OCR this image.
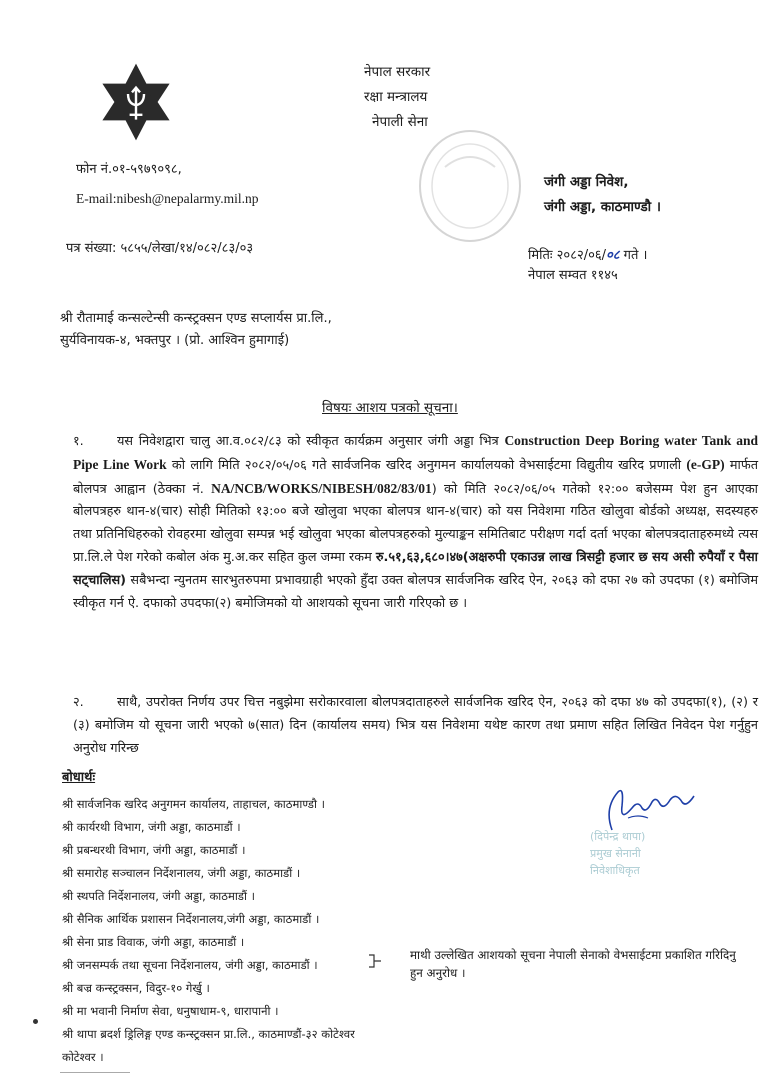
नेपाल सरकार
रक्षा मन्त्रालय
नेपाली सेना
फोन नं.०१-५९७९०९८,
E-mail:nibesh@nepalarmy.mil.np
जंगी अड्डा निवेश,
जंगी अड्डा, काठमाण्डौ ।
पत्र संख्या: ५८५५/लेखा/१४/०८२/८३/०३	मितिः २०८२/०६/०८ गते ।
नेपाल सम्वत ११४५
श्री रौतामाई कन्सल्टेन्सी कन्स्ट्रक्सन एण्ड सप्लार्यस प्रा.लि.,
सुर्यविनायक-४, भक्तपुर । (प्रो. आश्विन हुमागाई)
विषयः आशय पत्रको सूचना।
१.	यस निवेशद्वारा चालु आ.व.०८२/८३ को स्वीकृत कार्यक्रम अनुसार जंगी अड्डा भित्र Construction Deep Boring water Tank and Pipe Line Work को लागि मिति २०८२/०५/०६ गते सार्वजनिक खरिद अनुगमन कार्यालयको वेभसाईटमा विद्युतीय खरिद प्रणाली (e-GP) मार्फत बोलपत्र आह्वान (ठेक्का नं. NA/NCB/WORKS/NIBESH/082/83/01) को मिति २०८२/०६/०५ गतेको १२:०० बजेसम्म पेश हुन आएका बोलपत्रहरु थान-४(चार) सोही मितिको १३:०० बजे खोलुवा भएका बोलपत्र थान-४(चार) को यस निवेशमा गठित खोलुवा बोर्डको अध्यक्ष, सदस्यहरु तथा प्रतिनिधिहरुको रोवहरमा खोलुवा सम्पन्न भई खोलुवा भएका बोलपत्रहरुको मुल्याङ्कन समितिबाट परीक्षण गर्दा दर्ता भएका बोलपत्रदाताहरुमध्ये त्यस प्रा.लि.ले पेश गरेको कबोल अंक मु.अ.कर सहित कुल जम्मा रकम रु.५१,६३,६८०।४७(अक्षरुपी एकाउन्न लाख त्रिसट्टी हजार छ सय असी रुपैयाँ र पैसा सट्चालिस) सबैभन्दा न्युनतम सारभुतरुपमा प्रभावग्राही भएको हुँदा उक्त बोलपत्र सार्वजनिक खरिद ऐन, २०६३ को दफा २७ को उपदफा (१) बमोजिम स्वीकृत गर्न ऐ. दफाको उपदफा(२) बमोजिमको यो आशयको सूचना जारी गरिएको छ ।
२.	साथै, उपरोक्त निर्णय उपर चित्त नबुझेमा सरोकारवाला बोलपत्रदाताहरुले सार्वजनिक खरिद ऐन, २०६३ को दफा ४७ को उपदफा(१), (२) र (३) बमोजिम यो सूचना जारी भएको ७(सात) दिन (कार्यालय समय) भित्र यस निवेशमा यथेष्ट कारण तथा प्रमाण सहित लिखित निवेदन पेश गर्नुहुन अनुरोध गरिन्छ
बोधार्थः
श्री सार्वजनिक खरिद अनुगमन कार्यालय, ताहाचल, काठमाण्डौ ।
श्री कार्यरथी विभाग, जंगी अड्डा, काठमाडौं ।
श्री प्रबन्धरथी विभाग, जंगी अड्डा, काठमाडौं ।
श्री समारोह सञ्चालन निर्देशनालय, जंगी अड्डा, काठमाडौं ।
श्री स्थपति निर्देशनालय, जंगी अड्डा, काठमाडौं ।
श्री सैनिक आर्थिक प्रशासन निर्देशनालय,जंगी अड्डा, काठमाडौं ।
श्री सेना प्राड विवाक, जंगी अड्डा, काठमाडौं ।
श्री जनसम्पर्क तथा सूचना निर्देशनालय, जंगी अड्डा, काठमाडौं ।
श्री बज्र कन्स्ट्रक्सन, विदुर-१० गेर्खु ।
श्री मा भवानी निर्माण सेवा, धनुषाधाम-९, धारापानी ।
श्री थापा ब्रदर्श ड्रिलिङ्ग एण्ड कन्स्ट्रक्सन प्रा.लि., काठमाण्डौं-३२ कोटेश्वर
कोटेश्वर ।
माथी उल्लेखित आशयको सूचना नेपाली सेनाको वेभसाईटमा प्रकाशित गरिदिनु हुन अनुरोध ।
(दिपेन्द्र थापा)
प्रमुख सेनानी
निवेशाधिकृत
